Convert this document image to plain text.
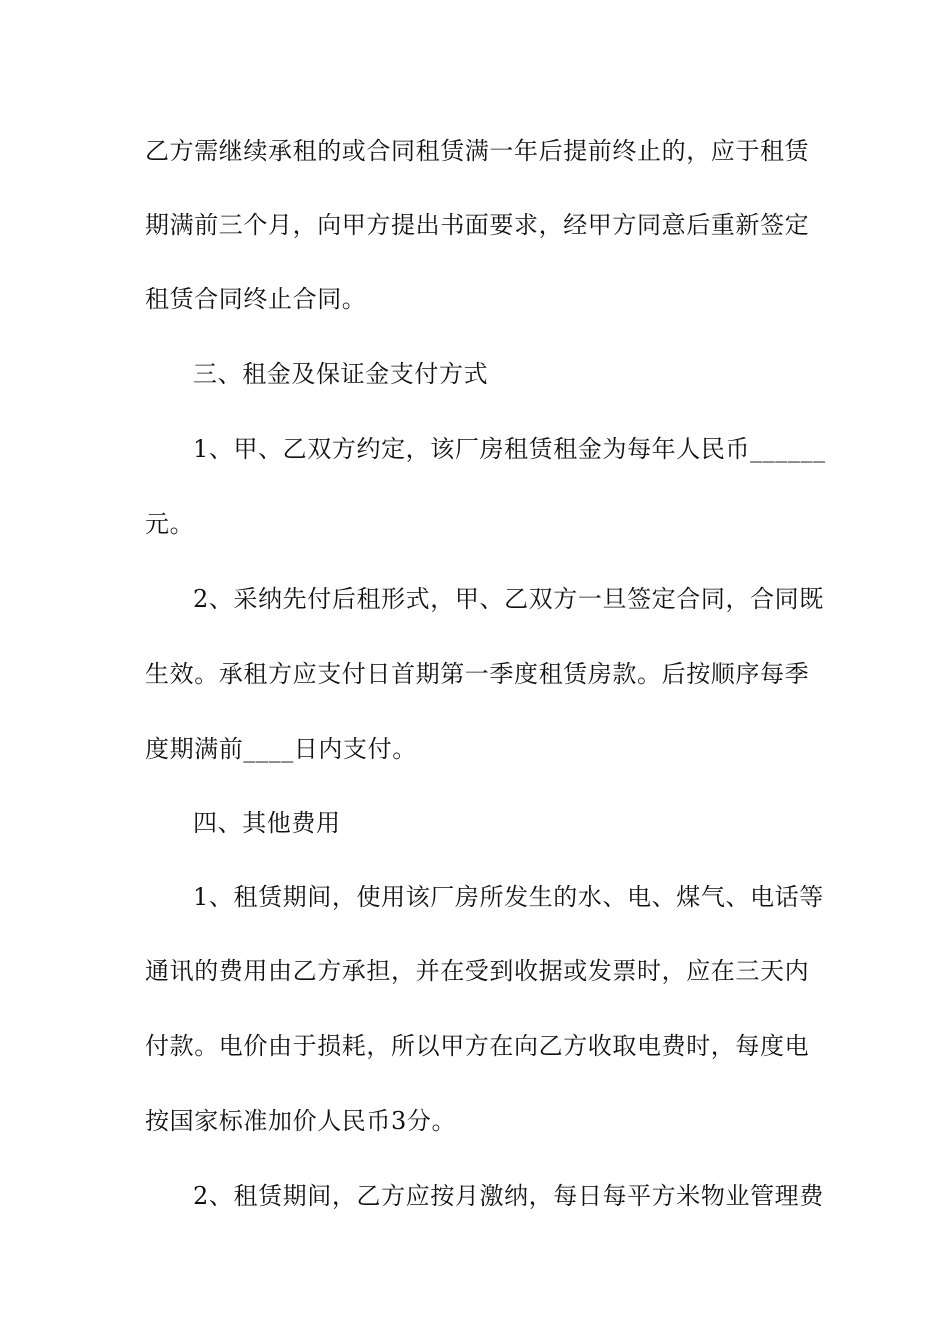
乙方需继续承租的或合同租赁满一年后提前终止的，应于租赁
期满前三个月，向甲方提出书面要求，经甲方同意后重新签定
租赁合同终止合同。
三、租金及保证金支付方式
1、甲、乙双方约定，该厂房租赁租金为每年人民币______
元。
2、采纳先付后租形式，甲、乙双方一旦签定合同，合同既
生效。承租方应支付日首期第一季度租赁房款。后按顺序每季
度期满前____日内支付。
四、其他费用
1、租赁期间，使用该厂房所发生的水、电、煤气、电话等
通讯的费用由乙方承担，并在受到收据或发票时，应在三天内
付款。电价由于损耗，所以甲方在向乙方收取电费时，每度电
按国家标准加价人民币3分。
2、租赁期间，乙方应按月激纳，每日每平方米物业管理费
